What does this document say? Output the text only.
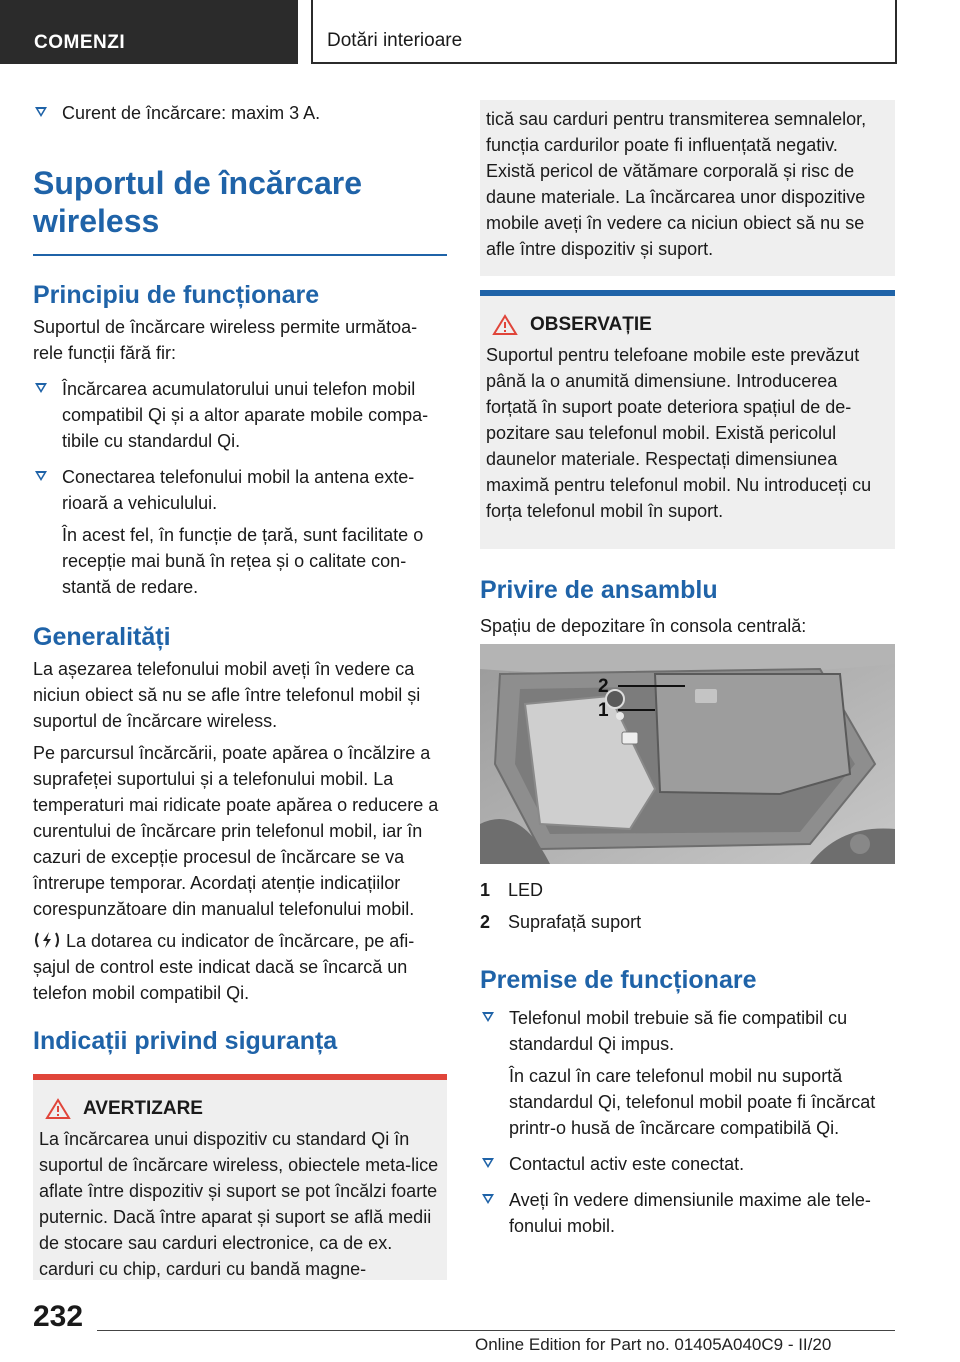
COMENZI	Dotări interioare
Curent de încărcare: maxim 3 A.
Suportul de încărcare wireless
Principiu de funcționare

Suportul de încărcare wireless permite următoa‐rele funcții fără fir:

Încărcarea acumulatorului unui telefon mobil compatibil Qi și a altor aparate mobile compa‐tibile cu standardul Qi.
Conectarea telefonului mobil la antena exte‐rioară a vehiculului.

În acest fel, în funcție de țară, sunt facilitate o recepție mai bună în rețea și o calitate con‐stantă de redare.

Generalități

La așezarea telefonului mobil aveți în vedere ca niciun obiect să nu se afle între telefonul mobil și suportul de încărcare wireless.

Pe parcursul încărcării, poate apărea o încălzire a suprafeței suportului și a telefonului mobil. La temperaturi mai ridicate poate apărea o reducere a curentului de încărcare prin telefonul mobil, iar în cazuri de excepție procesul de încărcare se va întrerupe temporar. Acordați atenție indicațiilor corespunzătoare din manualul telefonului mobil.

La dotarea cu indicator de încărcare, pe afi‐șajul de control este indicat dacă se încarcă un telefon mobil compatibil Qi.

Indicații privind siguranța
AVERTIZARE

La încărcarea unui dispozitiv cu standard Qi în suportul de încărcare wireless, obiectele meta‐lice aflate între dispozitiv și suport se pot încălzi foarte puternic. Dacă între aparat și suport se află medii de stocare sau carduri electronice, ca de ex. carduri cu chip, carduri cu bandă magne‐

tică sau carduri pentru transmiterea semnalelor, funcția cardurilor poate fi influențată negativ. Există pericol de vătămare corporală și risc de daune materiale. La încărcarea unor dispozitive mobile aveți în vedere ca niciun obiect să nu se afle între dispozitiv și suport.

OBSERVAȚIE

Suportul pentru telefoane mobile este prevăzut până la o anumită dimensiune. Introducerea forțată în suport poate deteriora spațiul de de‐pozitare sau telefonul mobil. Există pericolul daunelor materiale. Respectați dimensiunea maximă pentru telefonul mobil. Nu introduceți cu forța telefonul mobil în suport.

Privire de ansamblu

Spațiu de depozitare în consola centrală:

2
1
1 LED
2 Suprafață suport
Premise de funcționare
Telefonul mobil trebuie să fie compatibil cu standardul Qi impus.

În cazul în care telefonul mobil nu suportă standardul Qi, telefonul mobil poate fi încărcat printr-o husă de încărcare compatibilă Qi.

Contactul activ este conectat.
Aveți în vedere dimensiunile maxime ale tele‐fonului mobil.
232
Online Edition for Part no. 01405A040C9 - II/20
